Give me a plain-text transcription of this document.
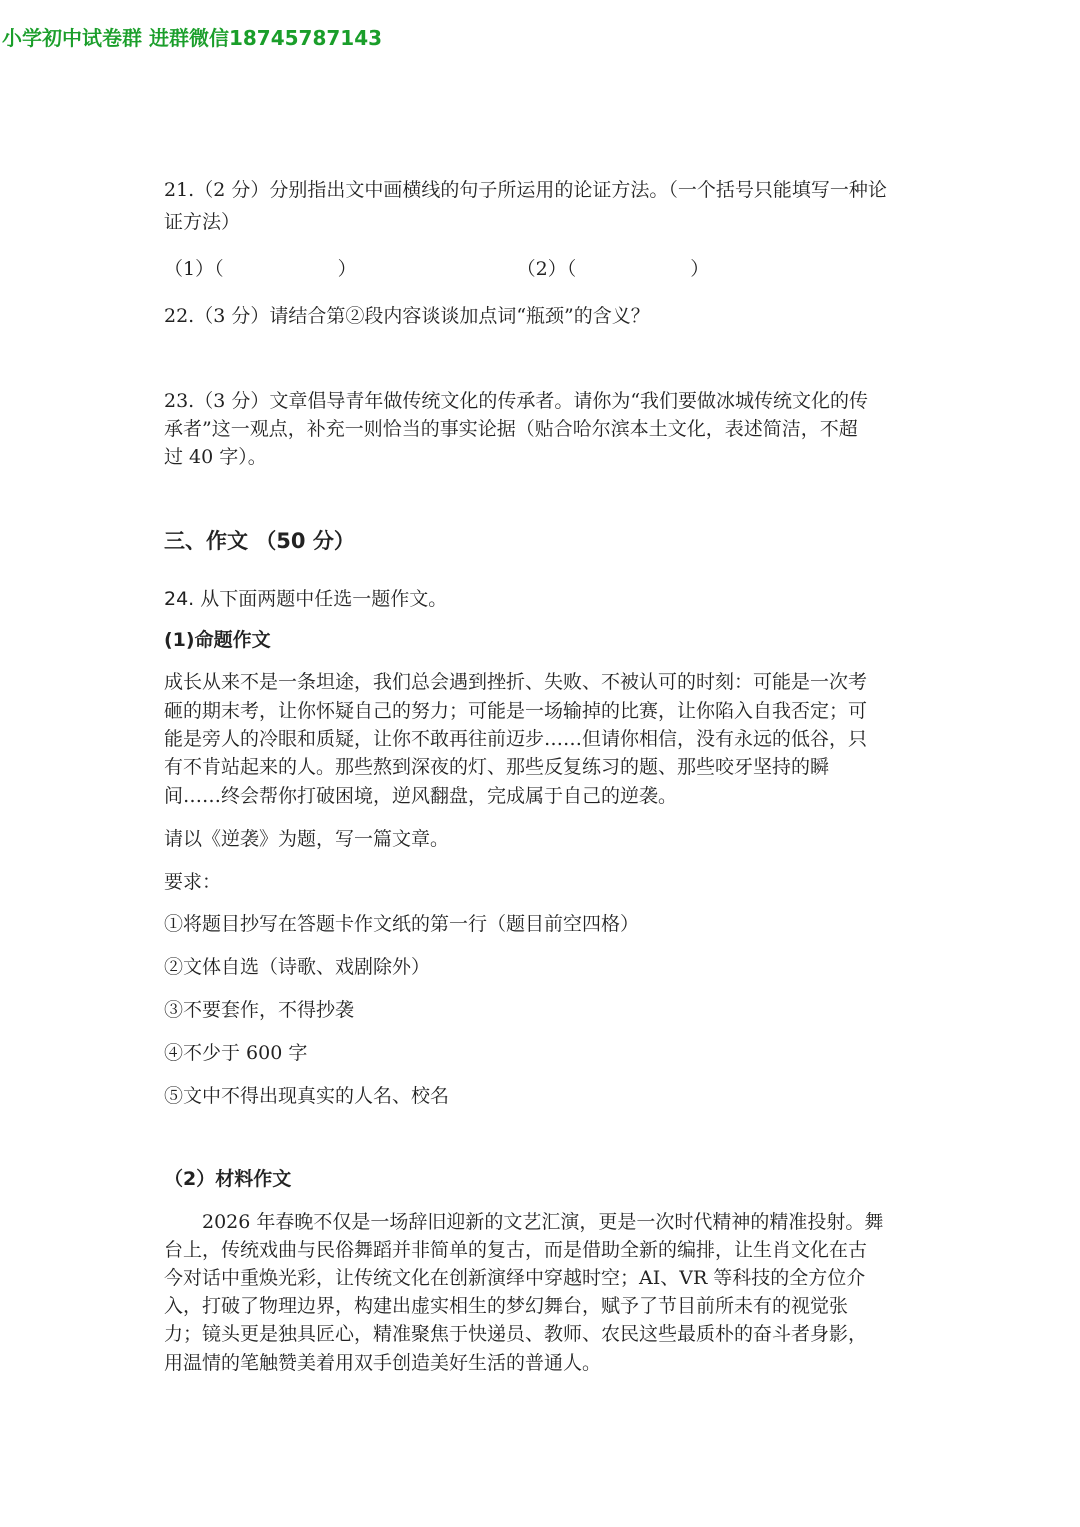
小学初中试卷群 进群微信18745787143
21.（2 分）分别指出文中画横线的句子所运用的论证方法。（一个括号只能填写一种论
证方法）
（1）（	）	（2）（	）
22.（3 分）请结合第②段内容谈谈加点词“瓶颈”的含义？
23.（3 分）文章倡导青年做传统文化的传承者。请你为“我们要做冰城传统文化的传
承者”这一观点，补充一则恰当的事实论据（贴合哈尔滨本土文化，表述简洁，不超
过 40 字）。
三、作文 （50 分）
24. 从下面两题中任选一题作文。
(1)命题作文
成长从来不是一条坦途，我们总会遇到挫折、失败、不被认可的时刻：可能是一次考
砸的期末考，让你怀疑自己的努力；可能是一场输掉的比赛，让你陷入自我否定；可
能是旁人的冷眼和质疑，让你不敢再往前迈步……但请你相信，没有永远的低谷，只
有不肯站起来的人。那些熬到深夜的灯、那些反复练习的题、那些咬牙坚持的瞬
间……终会帮你打破困境，逆风翻盘，完成属于自己的逆袭。
请以《逆袭》为题，写一篇文章。
要求：
①将题目抄写在答题卡作文纸的第一行（题目前空四格）
②文体自选（诗歌、戏剧除外）
③不要套作，不得抄袭
④不少于 600 字
⑤文中不得出现真实的人名、校名
（2）材料作文
2026 年春晚不仅是一场辞旧迎新的文艺汇演，更是一次时代精神的精准投射。舞
台上，传统戏曲与民俗舞蹈并非简单的复古，而是借助全新的编排，让生肖文化在古
今对话中重焕光彩，让传统文化在创新演绎中穿越时空；AI、VR 等科技的全方位介
入，打破了物理边界，构建出虚实相生的梦幻舞台，赋予了节目前所未有的视觉张
力；镜头更是独具匠心，精准聚焦于快递员、教师、农民这些最质朴的奋斗者身影，
用温情的笔触赞美着用双手创造美好生活的普通人。
